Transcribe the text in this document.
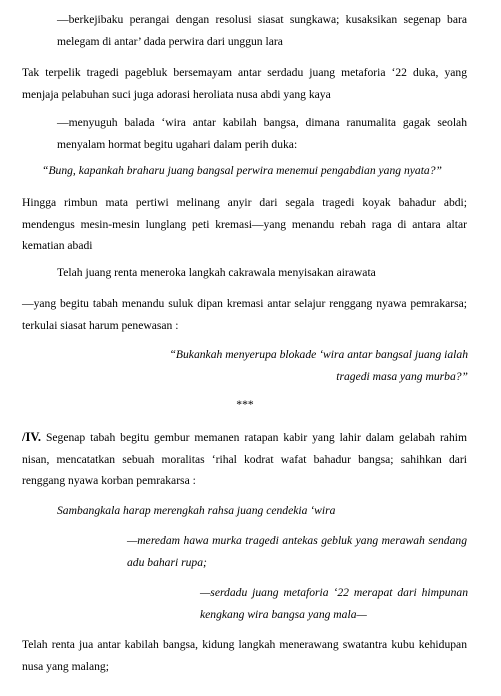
—berkejibaku perangai dengan resolusi siasat sungkawa; kusaksikan segenap bara melegam di antar’ dada perwira dari unggun lara

Tak terpelik tragedi pagebluk bersemayam antar serdadu juang metaforia ‘22 duka, yang menjaja pelabuhan suci juga adorasi heroliata nusa abdi yang kaya

—menyuguh balada ‘wira antar kabilah bangsa, dimana ranumalita gagak seolah menyalam hormat begitu ugahari dalam perih duka:

“Bung, kapankah braharu juang bangsal perwira menemui pengabdian yang nyata?”

Hingga rimbun mata pertiwi melinang anyir dari segala tragedi koyak bahadur abdi; mendengus mesin-mesin lunglang peti kremasi—yang menandu rebah raga di antara altar kematian abadi

Telah juang renta meneroka langkah cakrawala menyisakan airawata

—yang begitu tabah menandu suluk dipan kremasi antar selajur renggang nyawa pemrakarsa; terkulai siasat harum penewasan :

“Bukankah menyerupa blokade ‘wira antar bangsal juang ialah tragedi masa yang murba?”

***

/IV. Segenap tabah begitu gembur memanen ratapan kabir yang lahir dalam gelabah rahim nisan, mencatatkan sebuah moralitas ‘rihal kodrat wafat bahadur bangsa; sahihkan dari renggang nyawa korban pemrakarsa :

Sambangkala harap merengkah rahsa juang cendekia ‘wira

—meredam hawa murka tragedi antekas gebluk yang merawah sendang adu bahari rupa;

—serdadu juang metaforia ‘22 merapat dari himpunan kengkang wira bangsa yang mala—

Telah renta jua antar kabilah bangsa, kidung langkah menerawang swatantra kubu kehidupan nusa yang malang;
